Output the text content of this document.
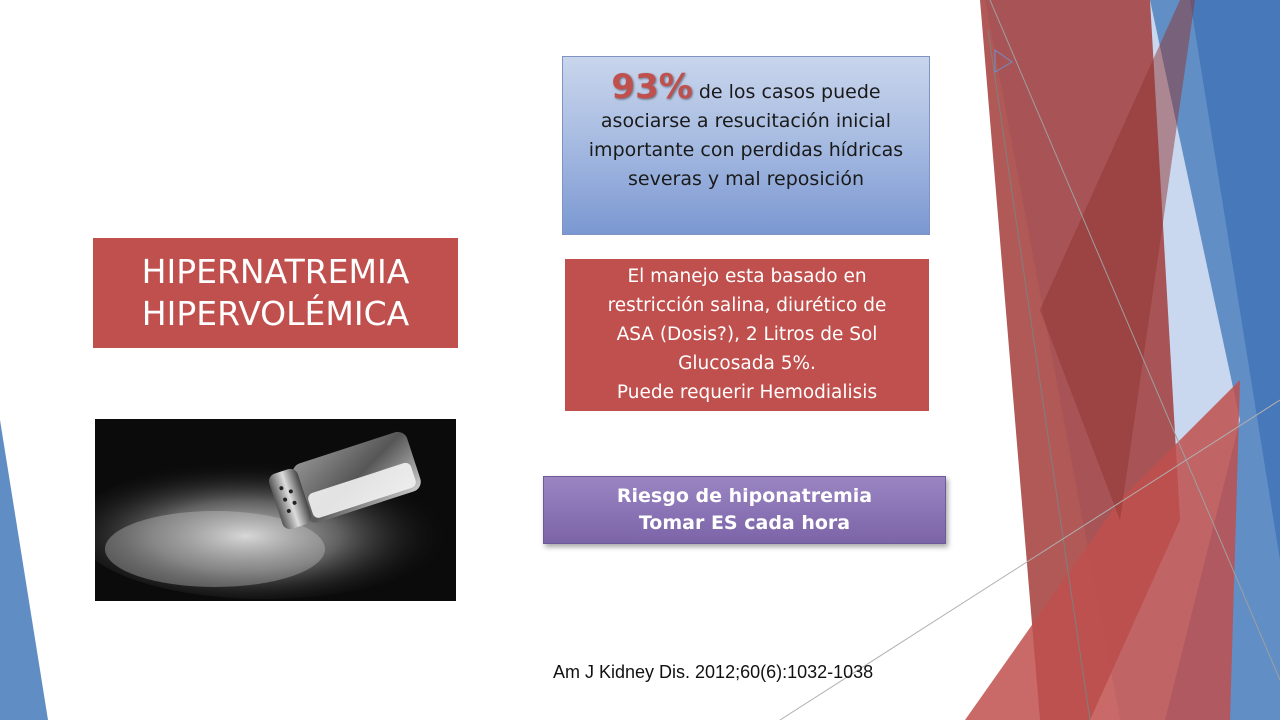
HIPERNATREMIA
HIPERVOLÉMICA
93% de los casos puede asociarse a resucitación inicial importante con perdidas hídricas severas y mal reposición
El manejo esta basado en
restricción salina, diurético de
ASA (Dosis?), 2 Litros de Sol
Glucosada 5%.
Puede requerir Hemodialisis
Riesgo de hiponatremia
Tomar ES cada hora
Am J Kidney Dis. 2012;60(6):1032-1038
